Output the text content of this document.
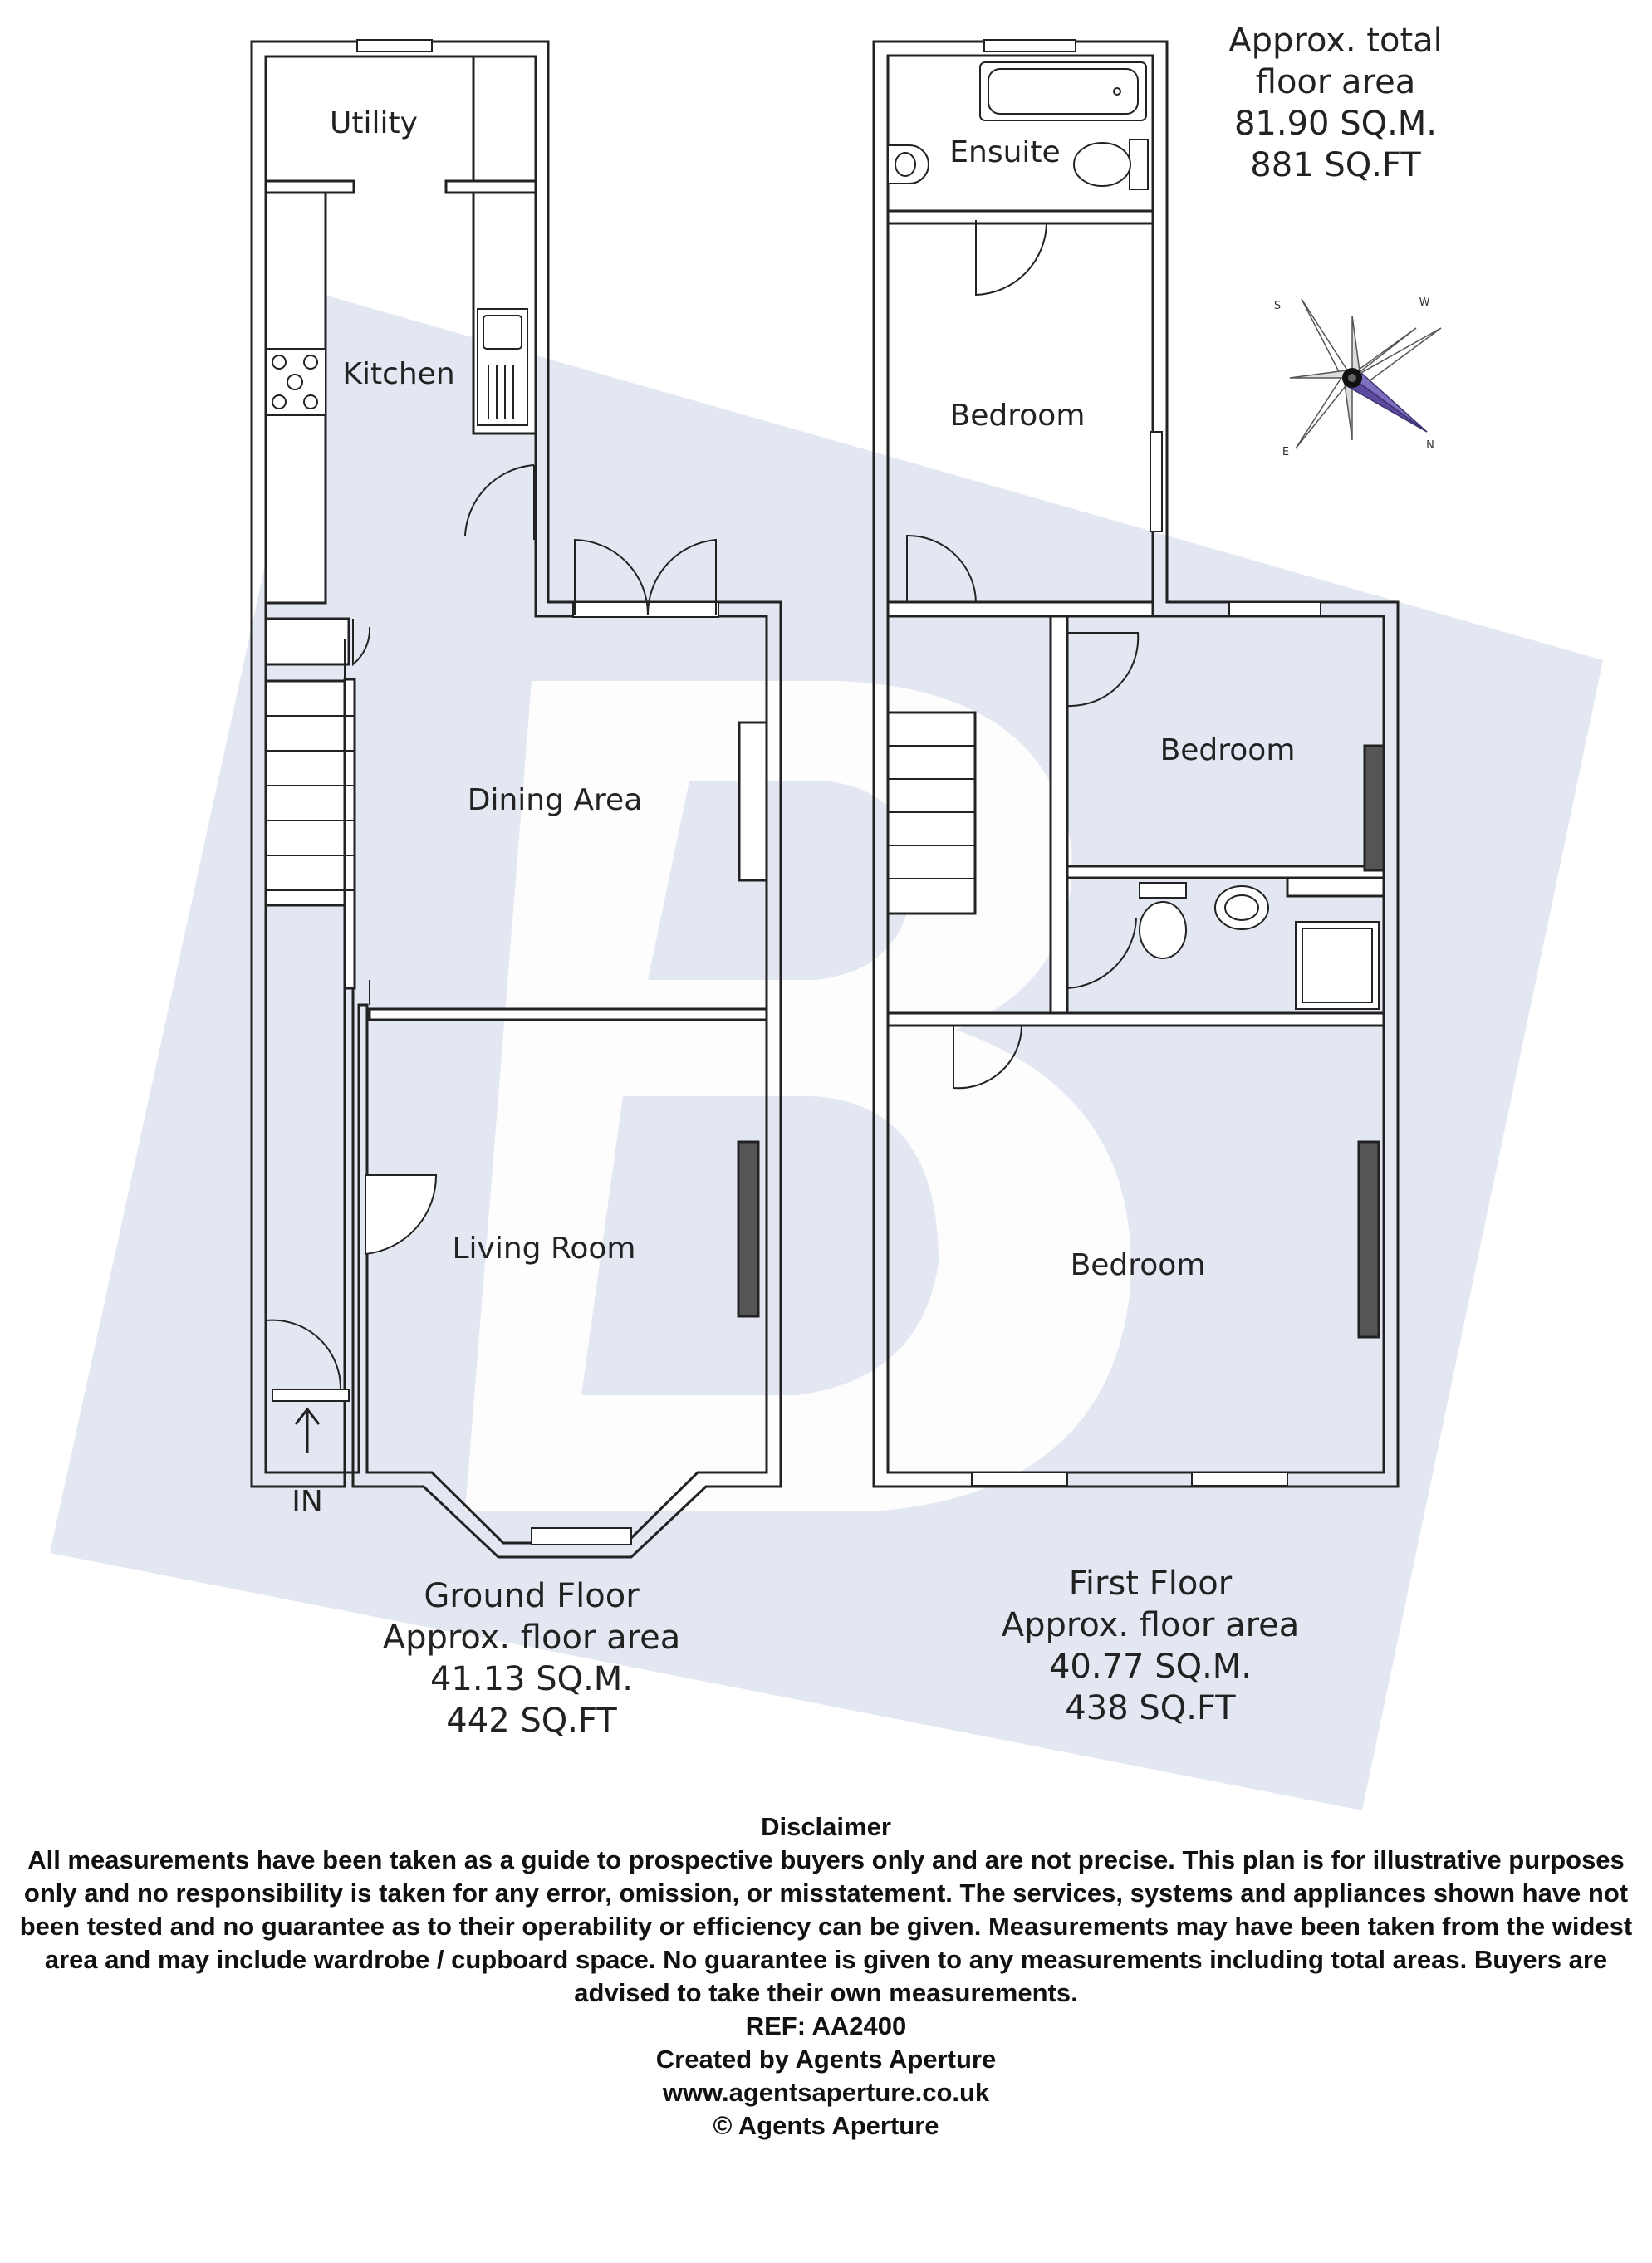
S	W
E
N
Utility
Kitchen
Dining Area
Living Room
IN
Ensuite
Bedroom
Bedroom
Bedroom
Ground Floor
Approx. floor area
41.13 SQ.M.
442 SQ.FT
First Floor
Approx. floor area
40.77 SQ.M.
438 SQ.FT
Approx. total
floor area
81.90 SQ.M.
881 SQ.FT
Disclaimer
All measurements have been taken as a guide to prospective buyers only and are not precise. This plan is for illustrative purposes only and no responsibility is taken for any error, omission, or misstatement. The services, systems and appliances shown have not been tested and no guarantee as to their operability or efficiency can be given. Measurements may have been taken from the widest area and may include wardrobe / cupboard space. No guarantee is given to any measurements including total areas. Buyers are advised to take their own measurements.
REF: AA2400
Created by Agents Aperture
www.agentsaperture.co.uk
© Agents Aperture
